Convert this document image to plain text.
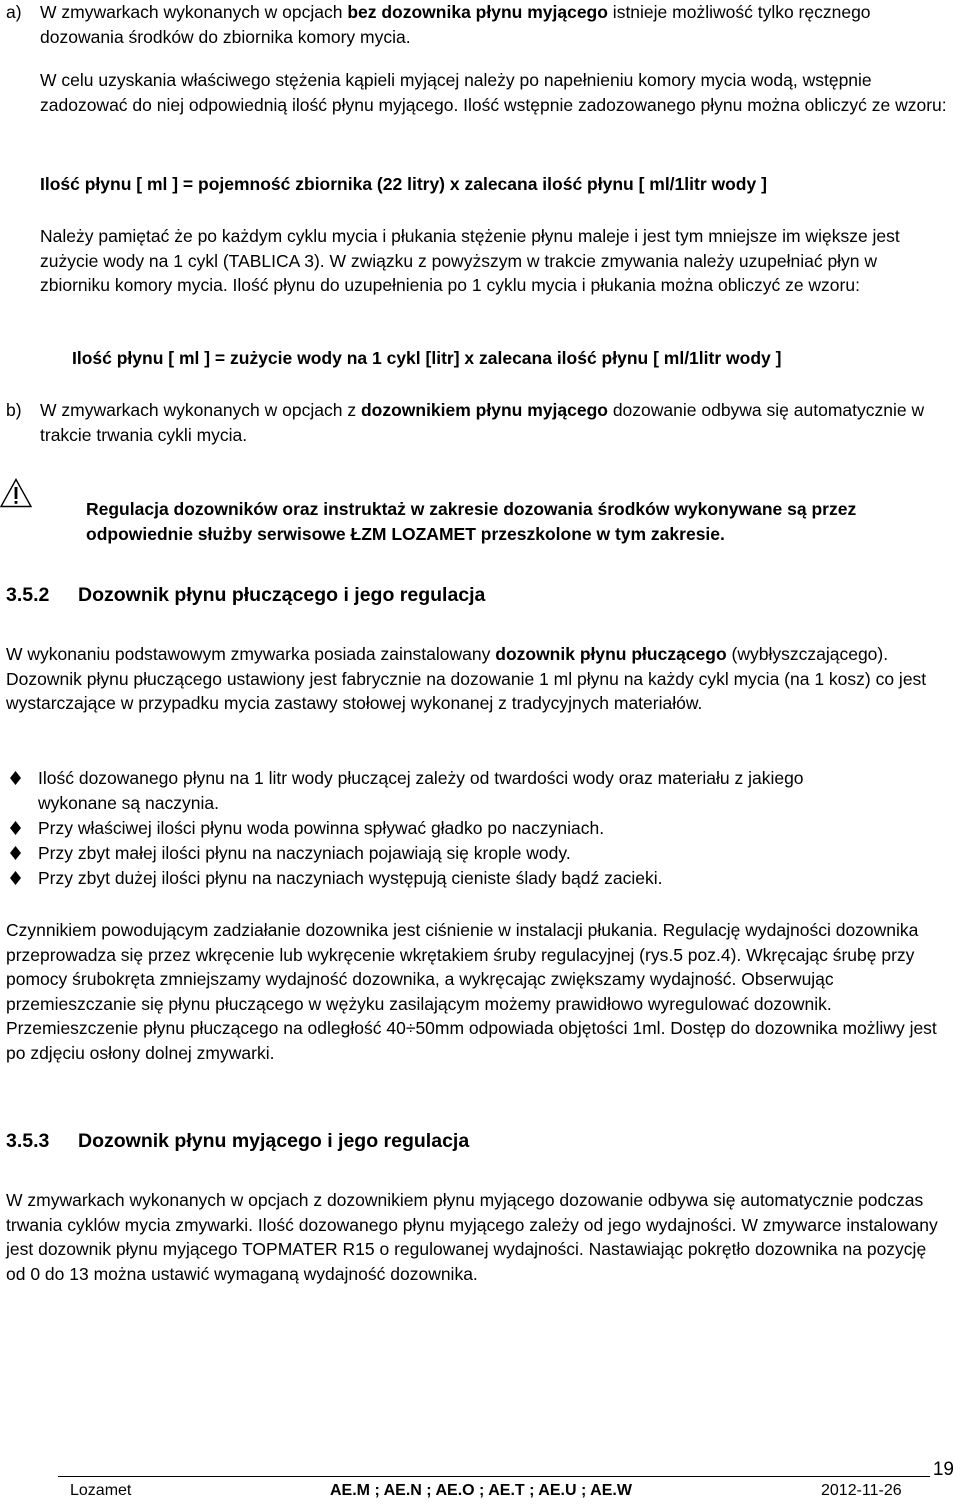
a)	W zmywarkach wykonanych w opcjach bez dozownika płynu myjącego istnieje możliwość tylko ręcznego dozowania środków do zbiornika komory mycia.

W celu uzyskania właściwego stężenia kąpieli myjącej należy po napełnieniu komory mycia wodą, wstępnie zadozować do niej odpowiednią ilość płynu myjącego. Ilość wstępnie zadozowanego płynu można obliczyć ze wzoru:
Ilość płynu [ ml ] = pojemność zbiornika (22 litry) x zalecana ilość płynu [ ml/1litr wody ]
Należy pamiętać że po każdym cyklu mycia i płukania stężenie płynu maleje i jest tym mniejsze im większe jest zużycie wody na 1 cykl (TABLICA 3). W związku z powyższym w trakcie zmywania należy uzupełniać płyn w zbiorniku komory mycia. Ilość płynu do uzupełnienia po 1 cyklu mycia i płukania można obliczyć ze wzoru:
Ilość płynu [ ml ] = zużycie wody na 1 cykl [litr] x zalecana ilość płynu [ ml/1litr wody ]
b)	W zmywarkach wykonanych w opcjach z dozownikiem płynu myjącego dozowanie odbywa się automatycznie w trakcie trwania cykli mycia.

Regulacja dozowników oraz instruktaż w zakresie dozowania środków wykonywane są przez odpowiednie służby serwisowe ŁZM LOZAMET przeszkolone w tym zakresie.
3.5.2 Dozownik płynu płuczącego i jego regulacja

W wykonaniu podstawowym zmywarka posiada zainstalowany dozownik płynu płuczącego (wybłyszczającego). Dozownik płynu płuczącego ustawiony jest fabrycznie na dozowanie 1 ml płynu na każdy cykl mycia (na 1 kosz) co jest wystarczające w przypadku mycia zastawy stołowej wykonanej z tradycyjnych materiałów.

Ilość dozowanego płynu na 1 litr wody płuczącej zależy od twardości wody oraz materiału z jakiego wykonane są naczynia.
Przy właściwej ilości płynu woda powinna spływać gładko po naczyniach.
Przy zbyt małej ilości płynu na naczyniach pojawiają się krople wody.
Przy zbyt dużej ilości płynu na naczyniach występują cieniste ślady bądź zacieki.

Czynnikiem powodującym zadziałanie dozownika jest ciśnienie w instalacji płukania. Regulację wydajności dozownika przeprowadza się przez wkręcenie lub wykręcenie wkrętakiem śruby regulacyjnej (rys.5 poz.4). Wkręcając śrubę przy pomocy śrubokręta zmniejszamy wydajność dozownika, a wykręcając zwiększamy wydajność. Obserwując przemieszczanie się płynu płuczącego w wężyku zasilającym możemy prawidłowo wyregulować dozownik. Przemieszczenie płynu płuczącego na odległość 40÷50mm odpowiada objętości 1ml. Dostęp do dozownika możliwy jest po zdjęciu osłony dolnej zmywarki.

3.5.3 Dozownik płynu myjącego i jego regulacja
W zmywarkach wykonanych w opcjach z dozownikiem płynu myjącego dozowanie odbywa się automatycznie podczas trwania cyklów mycia zmywarki. Ilość dozowanego płynu myjącego zależy od jego wydajności. W zmywarce instalowany jest dozownik płynu myjącego TOPMATER R15 o regulowanej wydajności. Nastawiając pokrętło dozownika na pozycję od 0 do 13 można ustawić wymaganą wydajność dozownika.
Lozamet	AE.M ; AE.N ; AE.O ; AE.T ; AE.U ; AE.W	2012-11-26
19
